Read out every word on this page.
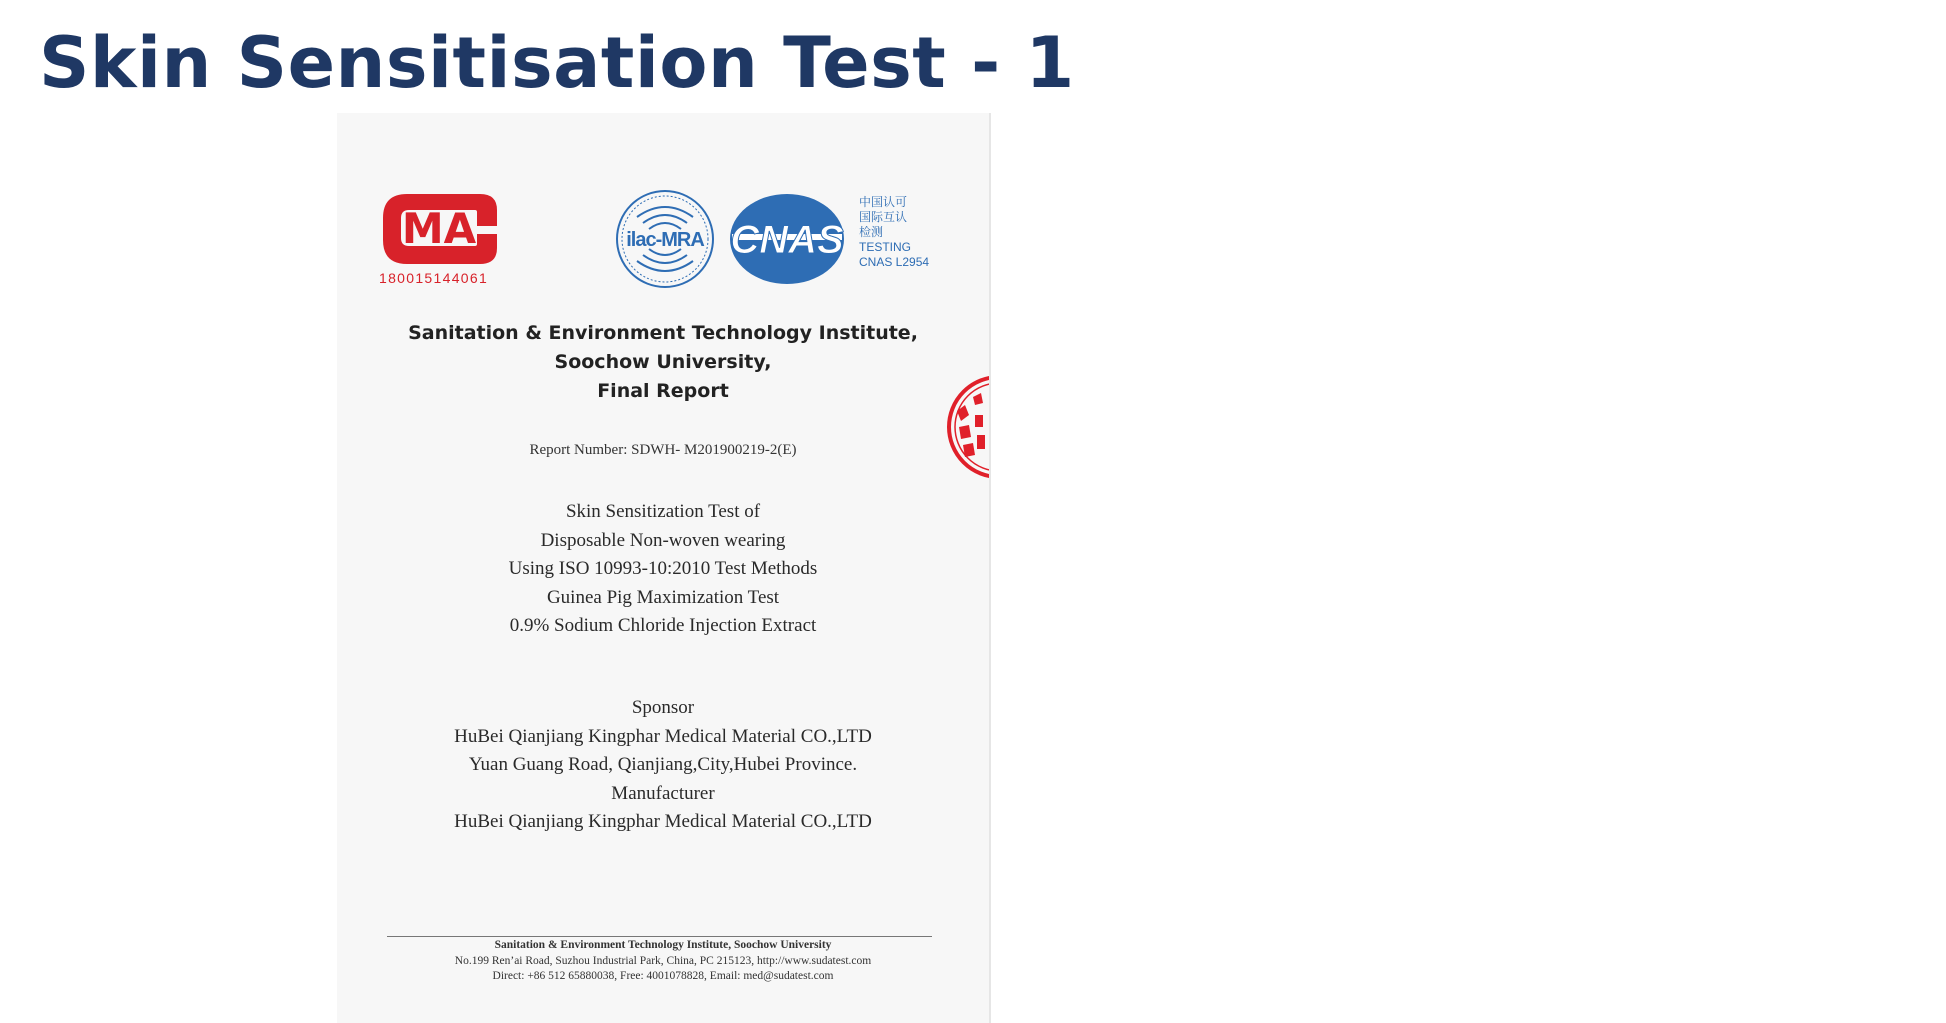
Skin Sensitisation Test - 1
MA
180015144061
ilac-MRA CNAS
中国认可
国际互认
检测
TESTING
CNAS L2954
Sanitation & Environment Technology Institute,
Soochow University,
Final Report
Report Number: SDWH- M201900219-2(E)
Skin Sensitization Test of
Disposable Non-woven wearing
Using ISO 10993-10:2010 Test Methods
Guinea Pig Maximization Test
0.9% Sodium Chloride Injection Extract
Sponsor
HuBei Qianjiang Kingphar Medical Material CO.,LTD
Yuan Guang Road, Qianjiang,City,Hubei Province.
Manufacturer
HuBei Qianjiang Kingphar Medical Material CO.,LTD
Sanitation & Environment Technology Institute, Soochow University
No.199 Ren’ai Road, Suzhou Industrial Park, China, PC 215123, http://www.sudatest.com
Direct: +86 512 65880038, Free: 4001078828, Email: med@sudatest.com
